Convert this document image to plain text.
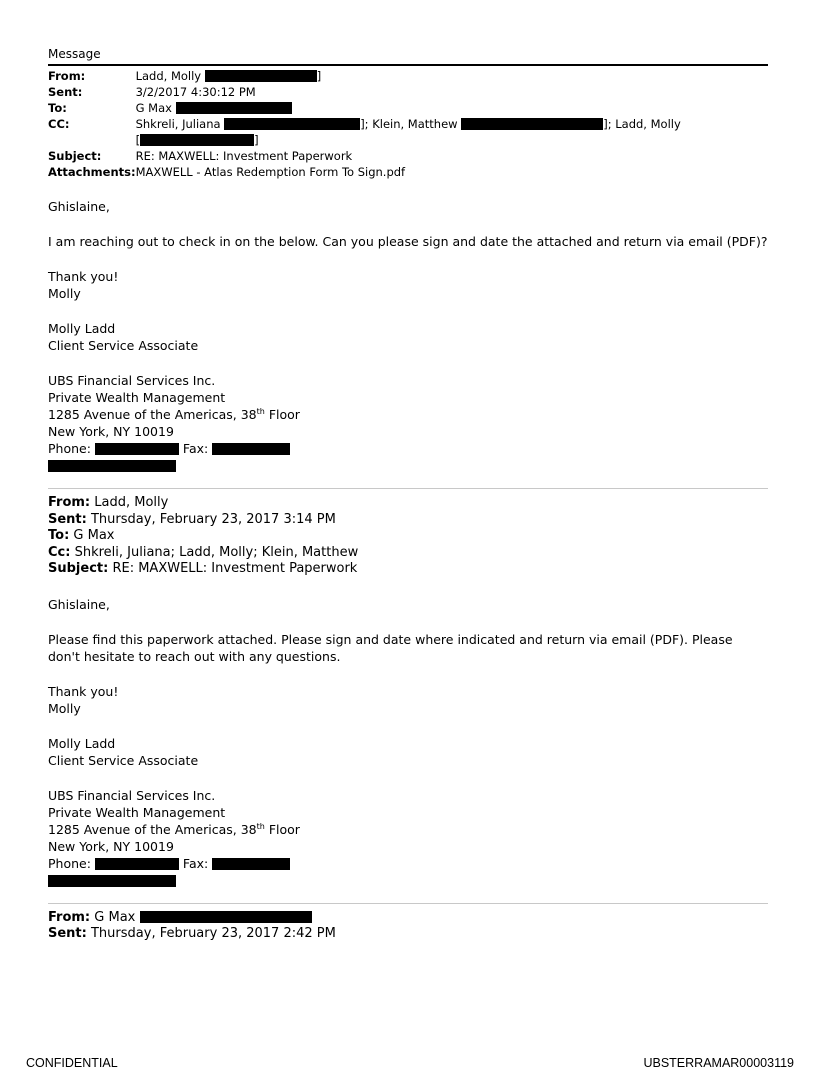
Message
From:	Ladd, Molly ]
Sent:	3/2/2017 4:30:12 PM
To:	G Max
CC:	Shkreli, Juliana ]; Klein, Matthew ]; Ladd, Molly
[ ]
Subject:	RE: MAXWELL: Investment Paperwork
Attachments:	MAXWELL - Atlas Redemption Form To Sign.pdf

Ghislaine,

I am reaching out to check in on the below. Can you please sign and date the attached and return via email (PDF)?

Thank you!

Molly

Molly Ladd

Client Service Associate

UBS Financial Services Inc.

Private Wealth Management

1285 Avenue of the Americas, 38th Floor

New York, NY 10019

Phone:	Fax:

From: Ladd, Molly

Sent: Thursday, February 23, 2017 3:14 PM

To: G Max

Cc: Shkreli, Juliana; Ladd, Molly; Klein, Matthew

Subject: RE: MAXWELL: Investment Paperwork

Ghislaine,

Please find this paperwork attached. Please sign and date where indicated and return via email (PDF). Please don't hesitate to reach out with any questions.

Thank you!

Molly

Molly Ladd

Client Service Associate

UBS Financial Services Inc.

Private Wealth Management

1285 Avenue of the Americas, 38th Floor

New York, NY 10019

Phone:	Fax:

From: G Max

Sent: Thursday, February 23, 2017 2:42 PM

CONFIDENTIAL	UBSTERRAMAR00003119
